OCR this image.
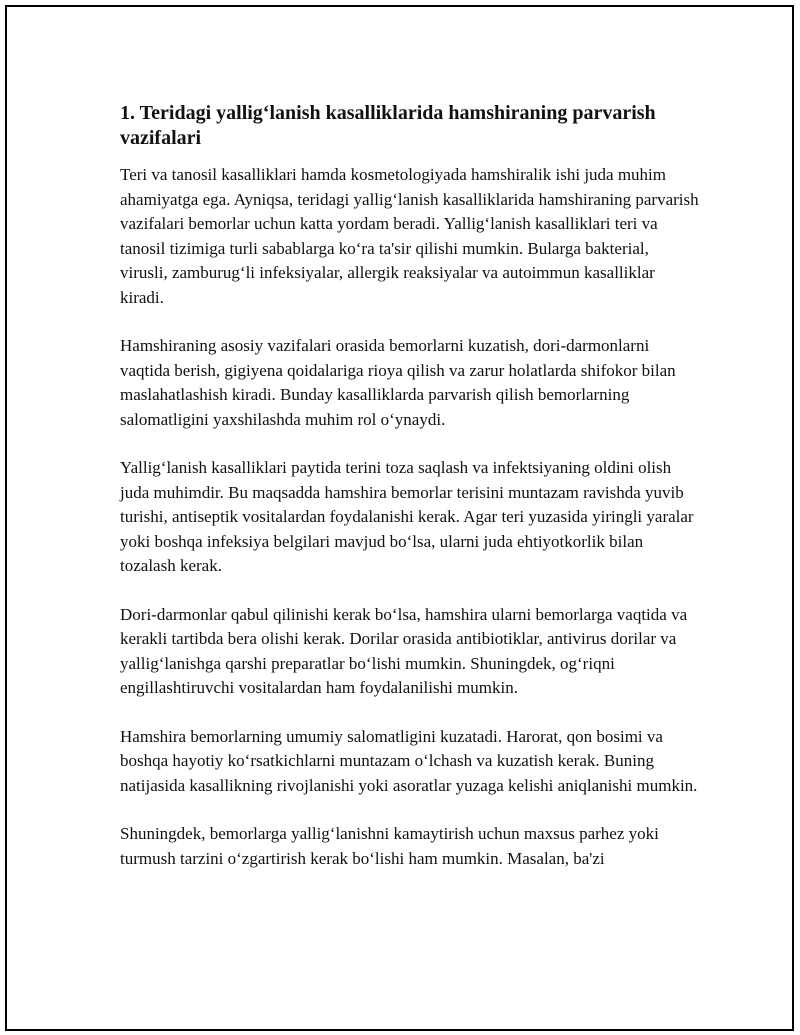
1. Teridagi yallig‘lanish kasalliklarida hamshiraning parvarish vazifalari

Teri va tanosil kasalliklari hamda kosmetologiyada hamshiralik ishi juda muhim ahamiyatga ega. Ayniqsa, teridagi yallig‘lanish kasalliklarida hamshiraning parvarish vazifalari bemorlar uchun katta yordam beradi. Yallig‘lanish kasalliklari teri va tanosil tizimiga turli sabablarga ko‘ra ta'sir qilishi mumkin. Bularga bakterial, virusli, zamburug‘li infeksiyalar, allergik reaksiyalar va autoimmun kasalliklar kiradi.

Hamshiraning asosiy vazifalari orasida bemorlarni kuzatish, dori-darmonlarni vaqtida berish, gigiyena qoidalariga rioya qilish va zarur holatlarda shifokor bilan maslahatlashish kiradi. Bunday kasalliklarda parvarish qilish bemorlarning salomatligini yaxshilashda muhim rol o‘ynaydi.

Yallig‘lanish kasalliklari paytida terini toza saqlash va infektsiyaning oldini olish juda muhimdir. Bu maqsadda hamshira bemorlar terisini muntazam ravishda yuvib turishi, antiseptik vositalardan foydalanishi kerak. Agar teri yuzasida yiringli yaralar yoki boshqa infeksiya belgilari mavjud bo‘lsa, ularni juda ehtiyotkorlik bilan tozalash kerak.

Dori-darmonlar qabul qilinishi kerak bo‘lsa, hamshira ularni bemorlarga vaqtida va kerakli tartibda bera olishi kerak. Dorilar orasida antibiotiklar, antivirus dorilar va yallig‘lanishga qarshi preparatlar bo‘lishi mumkin. Shuningdek, og‘riqni engillashtiruvchi vositalardan ham foydalanilishi mumkin.

Hamshira bemorlarning umumiy salomatligini kuzatadi. Harorat, qon bosimi va boshqa hayotiy ko‘rsatkichlarni muntazam o‘lchash va kuzatish kerak. Buning natijasida kasallikning rivojlanishi yoki asoratlar yuzaga kelishi aniqlanishi mumkin.

Shuningdek, bemorlarga yallig‘lanishni kamaytirish uchun maxsus parhez yoki turmush tarzini o‘zgartirish kerak bo‘lishi ham mumkin. Masalan, ba'zi
